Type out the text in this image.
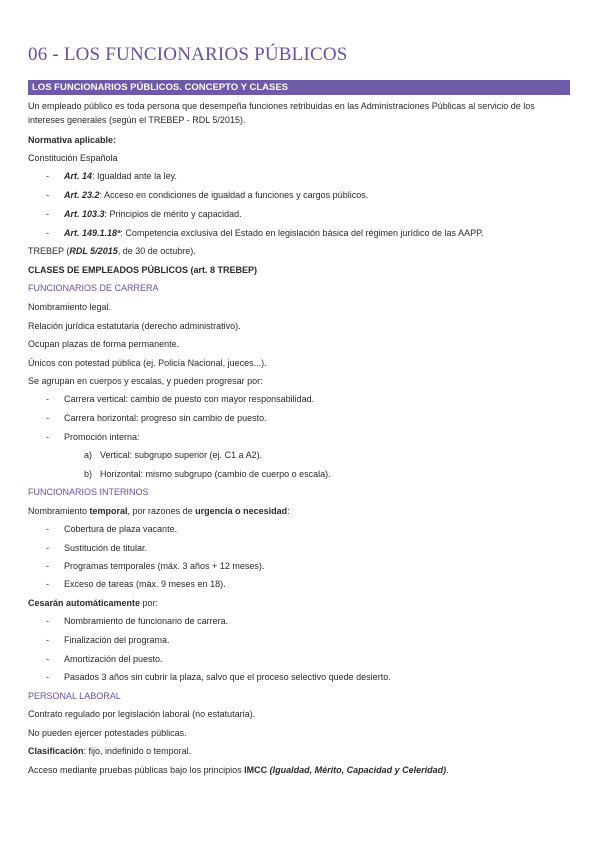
06 - LOS FUNCIONARIOS PÚBLICOS
LOS FUNCIONARIOS PÚBLICOS. CONCEPTO Y CLASES
Un empleado público es toda persona que desempeña funciones retribuidas en las Administraciones Públicas al servicio de los intereses generales (según el TREBEP - RDL 5/2015).
Normativa aplicable:
Constitución Española
- Art. 14: Igualdad ante la ley.
- Art. 23.2: Acceso en condiciones de igualdad a funciones y cargos públicos.
- Art. 103.3: Principios de mérito y capacidad.
- Art. 149.1.18ª: Competencia exclusiva del Estado en legislación básica del régimen jurídico de las AAPP.
TREBEP (RDL 5/2015, de 30 de octubre).
CLASES DE EMPLEADOS PÚBLICOS (art. 8 TREBEP)
FUNCIONARIOS DE CARRERA
Nombramiento legal.
Relación jurídica estatutaria (derecho administrativo).
Ocupan plazas de forma permanente.
Únicos con potestad pública (ej. Policía Nacional, jueces...).
Se agrupan en cuerpos y escalas, y pueden progresar por:
- Carrera vertical: cambio de puesto con mayor responsabilidad.
- Carrera horizontal: progreso sin cambio de puesto.
- Promoción interna:
a) Vertical: subgrupo superior (ej. C1 a A2).
b) Horizontal: mismo subgrupo (cambio de cuerpo o escala).
FUNCIONARIOS INTERINOS
Nombramiento temporal, por razones de urgencia o necesidad:
- Cobertura de plaza vacante.
- Sustitución de titular.
- Programas temporales (máx. 3 años + 12 meses).
- Exceso de tareas (máx. 9 meses en 18).
Cesarán automáticamente por:
- Nombramiento de funcionario de carrera.
- Finalización del programa.
- Amortización del puesto.
- Pasados 3 años sin cubrir la plaza, salvo que el proceso selectivo quede desierto.
PERSONAL LABORAL
Contrato regulado por legislación laboral (no estatutaria).
No pueden ejercer potestades públicas.
Clasificación: fijo, indefinido o temporal.
Acceso mediante pruebas públicas bajo los principios IMCC (Igualdad, Mérito, Capacidad y Celeridad).
